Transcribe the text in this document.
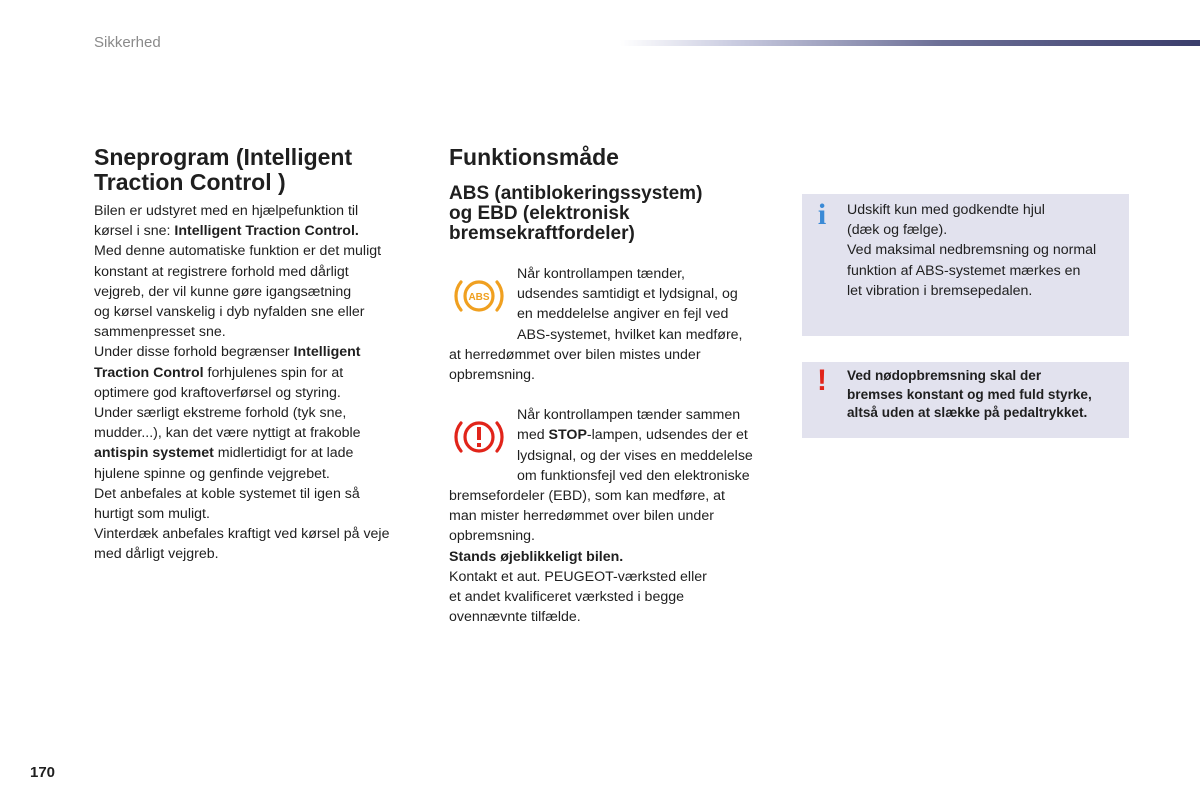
Sikkerhed
Sneprogram (Intelligent
Traction Control )

Bilen er udstyret med en hjælpefunktion til

kørsel i sne: Intelligent Traction Control.

Med denne automatiske funktion er det muligt

konstant at registrere forhold med dårligt

vejgreb, der vil kunne gøre igangsætning

og kørsel vanskelig i dyb nyfalden sne eller

sammenpresset sne.

Under disse forhold begrænser Intelligent

Traction Control forhjulenes spin for at

optimere god kraftoverførsel og styring.

Under særligt ekstreme forhold (tyk sne,

mudder...), kan det være nyttigt at frakoble

antispin systemet midlertidigt for at lade

hjulene spinne og genfinde vejgrebet.

Det anbefales at koble systemet til igen så

hurtigt som muligt.

Vinterdæk anbefales kraftigt ved kørsel på veje

med dårligt vejgreb.

Funktionsmåde
ABS (antiblokeringssystem)
og EBD (elektronisk
bremsekraftfordeler)
ABS

Når kontrollampen tænder,

udsendes samtidigt et lydsignal, og

en meddelelse angiver en fejl ved

ABS-systemet, hvilket kan medføre,

at herredømmet over bilen mistes under

opbremsning.

Når kontrollampen tænder sammen

med STOP-lampen, udsendes der et

lydsignal, og der vises en meddelelse

om funktionsfejl ved den elektroniske

bremsefordeler (EBD), som kan medføre, at

man mister herredømmet over bilen under

opbremsning.

Stands øjeblikkeligt bilen.

Kontakt et aut. PEUGEOT-værksted eller

et andet kvalificeret værksted i begge

ovennævnte tilfælde.

i Udskift kun med godkendte hjul

(dæk og fælge).

Ved maksimal nedbremsning og normal

funktion af ABS-systemet mærkes en

let vibration i bremsepedalen.

! Ved nødopbremsning skal der

bremses konstant og med fuld styrke,

altså uden at slække på pedaltrykket.

170
